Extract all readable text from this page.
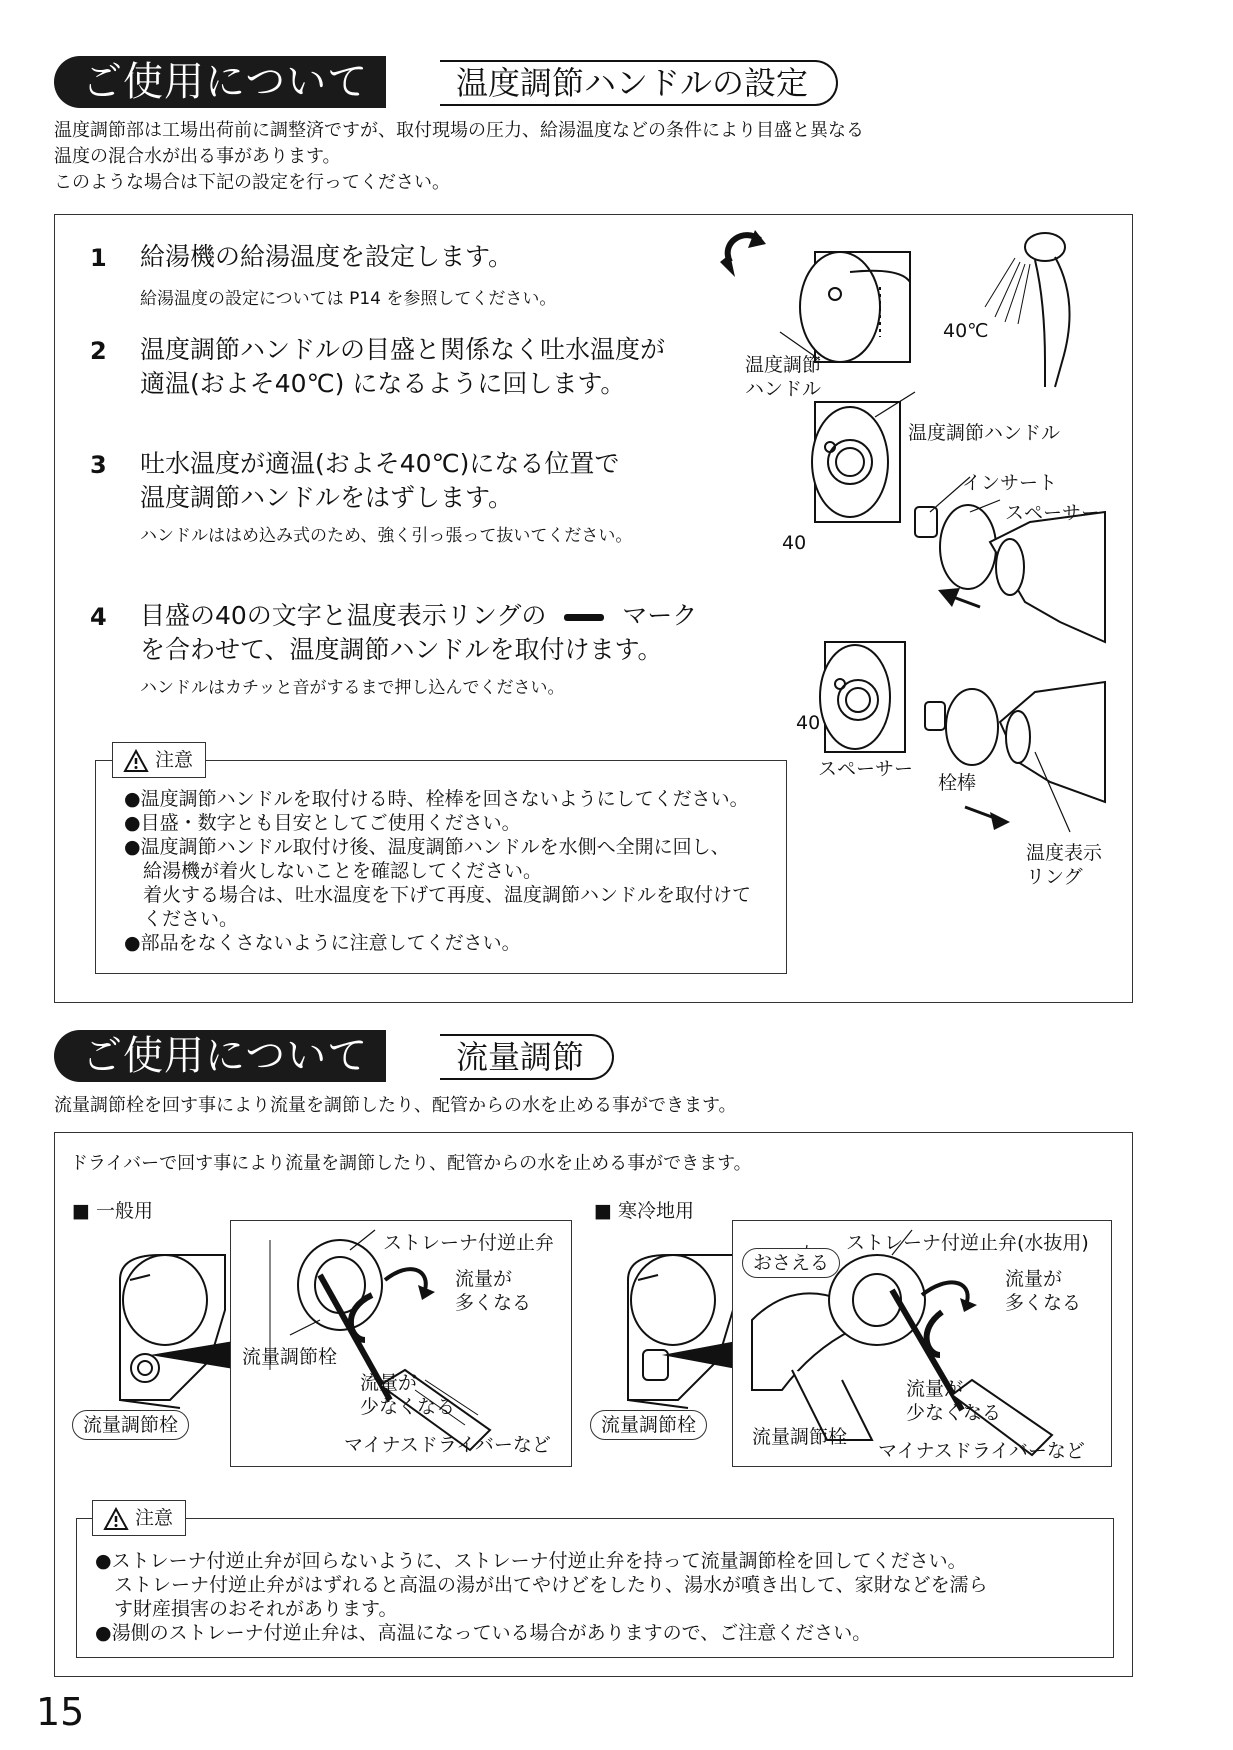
ご使用について	温度調節ハンドルの設定
温度調節部は工場出荷前に調整済ですが、取付現場の圧力、給湯温度などの条件により目盛と異なる
温度の混合水が出る事があります。
このような場合は下記の設定を行ってください。
1 給湯機の給湯温度を設定します。
給湯温度の設定については P14 を参照してください。
2 温度調節ハンドルの目盛と関係なく吐水温度が
適温(およそ40℃) になるように回します。
3 吐水温度が適温(およそ40℃)になる位置で
温度調節ハンドルをはずします。
ハンドルははめ込み式のため、強く引っ張って抜いてください。
4 目盛の40の文字と温度表示リングの	マーク
を合わせて、温度調節ハンドルを取付けます。
ハンドルはカチッと音がするまで押し込んでください。
40℃
温度調節
ハンドル
温度調節ハンドル
インサート
スペーサー
40
40
スペーサー
栓棒
温度表示
リング
●温度調節ハンドルを取付ける時、栓棒を回さないようにしてください。
●目盛・数字とも目安としてご使用ください。
●温度調節ハンドル取付け後、温度調節ハンドルを水側へ全開に回し、
　給湯機が着火しないことを確認してください。
　着火する場合は、吐水温度を下げて再度、温度調節ハンドルを取付けて
　ください。
●部品をなくさないように注意してください。
注意
ご使用について	流量調節
流量調節栓を回す事により流量を調節したり、配管からの水を止める事ができます。
ドライバーで回す事により流量を調節したり、配管からの水を止める事ができます。
■ 一般用
流量調節栓
ストレーナ付逆止弁
流量が
多くなる
流量調節栓
流量が
少なくなる
マイナスドライバーなど
■ 寒冷地用
流量調節栓
おさえる
ストレーナ付逆止弁(水抜用)
流量が
多くなる
流量が
少なくなる
流量調節栓
マイナスドライバーなど
●ストレーナ付逆止弁が回らないように、ストレーナ付逆止弁を持って流量調節栓を回してください。
　ストレーナ付逆止弁がはずれると高温の湯が出てやけどをしたり、湯水が噴き出して、家財などを濡ら
　す財産損害のおそれがあります。
●湯側のストレーナ付逆止弁は、高温になっている場合がありますので、ご注意ください。
注意
15
